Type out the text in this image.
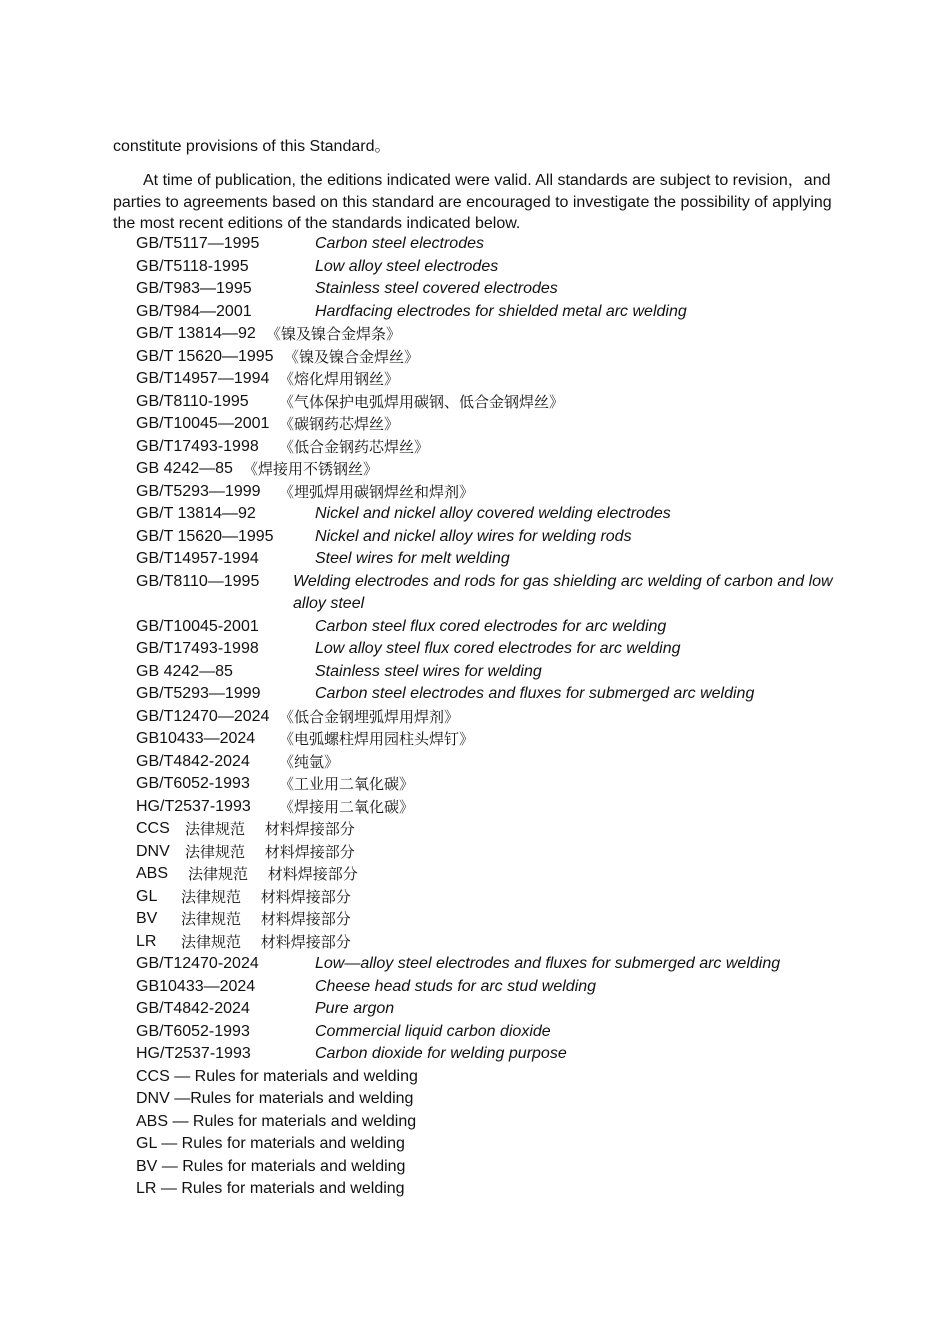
constitute provisions of this Standard。

At time of publication, the editions indicated were valid. All standards are subject to revision，and parties to agreements based on this standard are encouraged to investigate the possibility of applying the most recent editions of the standards indicated below.

GB/T5117—1995	Carbon steel electrodes
GB/T5118-1995	Low alloy steel electrodes
GB/T983—1995	Stainless steel covered electrodes
GB/T984—2001	Hardfacing electrodes for shielded metal arc welding
GB/T 13814—92 《镍及镍合金焊条》
GB/T 15620—1995 《镍及镍合金焊丝》
GB/T14957—1994 《熔化焊用钢丝》
GB/T8110-1995 《气体保护电弧焊用碳钢、低合金钢焊丝》
GB/T10045—2001 《碳钢药芯焊丝》
GB/T17493-1998 《低合金钢药芯焊丝》
GB 4242—85 《焊接用不锈钢丝》
GB/T5293—1999 《埋弧焊用碳钢焊丝和焊剂》
GB/T 13814—92	Nickel and nickel alloy covered welding electrodes
GB/T 15620—1995	Nickel and nickel alloy wires for welding rods
GB/T14957-1994	Steel wires for melt welding
GB/T8110—1995 Welding electrodes and rods for gas shielding arc welding of carbon and low alloy steel
GB/T10045-2001	Carbon steel flux cored electrodes for arc welding
GB/T17493-1998	Low alloy steel flux cored electrodes for arc welding
GB 4242—85	Stainless steel wires for welding
GB/T5293—1999	Carbon steel electrodes and fluxes for submerged arc welding
GB/T12470—2024 《低合金钢埋弧焊用焊剂》
GB10433—2024 《电弧螺柱焊用园柱头焊钉》
GB/T4842-2024 《纯氩》
GB/T6052-1993 《工业用二氧化碳》
HG/T2537-1993 《焊接用二氧化碳》
CCS 法律规范　 材料焊接部分
DNV 法律规范　 材料焊接部分
ABS 法律规范　 材料焊接部分
GL 法律规范　 材料焊接部分
BV 法律规范　 材料焊接部分
LR 法律规范　 材料焊接部分
GB/T12470-2024	Low—alloy steel electrodes and fluxes for submerged arc welding
GB10433—2024	Cheese head studs for arc stud welding
GB/T4842-2024	Pure argon
GB/T6052-1993	Commercial liquid carbon dioxide
HG/T2537-1993	Carbon dioxide for welding purpose
CCS — Rules for materials and welding
DNV —Rules for materials and welding
ABS — Rules for materials and welding
GL — Rules for materials and welding
BV — Rules for materials and welding
LR — Rules for materials and welding
